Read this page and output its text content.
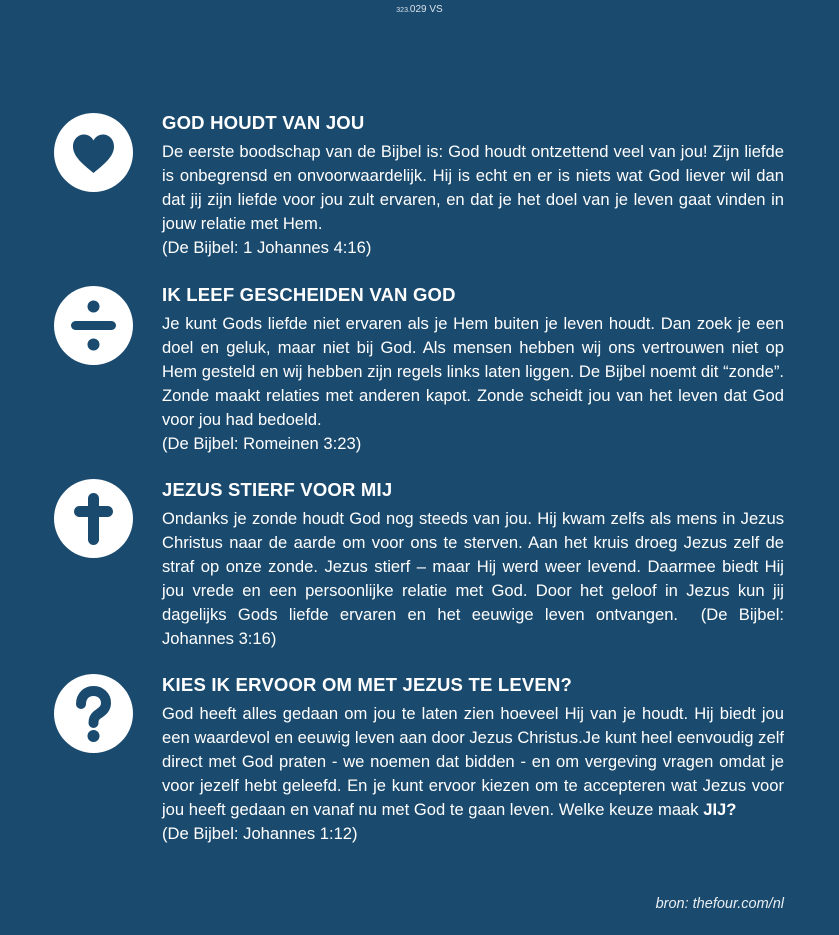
323.029 VS
GOD HOUDT VAN JOU
De eerste boodschap van de Bijbel is: God houdt ontzettend veel van jou! Zijn liefde is onbegrensd en onvoorwaardelijk. Hij is echt en er is niets wat God liever wil dan dat jij zijn liefde voor jou zult ervaren, en dat je het doel van je leven gaat vinden in jouw relatie met Hem.
(De Bijbel: 1 Johannes 4:16)
IK LEEF GESCHEIDEN VAN GOD
Je kunt Gods liefde niet ervaren als je Hem buiten je leven houdt. Dan zoek je een doel en geluk, maar niet bij God. Als mensen hebben wij ons vertrouwen niet op Hem gesteld en wij hebben zijn regels links laten liggen. De Bijbel noemt dit “zonde”. Zonde maakt relaties met anderen kapot. Zonde scheidt jou van het leven dat God voor jou had bedoeld.
(De Bijbel: Romeinen 3:23)
JEZUS STIERF VOOR MIJ
Ondanks je zonde houdt God nog steeds van jou. Hij kwam zelfs als mens in Jezus Christus naar de aarde om voor ons te sterven. Aan het kruis droeg Jezus zelf de straf op onze zonde. Jezus stierf – maar Hij werd weer levend. Daarmee biedt Hij jou vrede en een persoonlijke relatie met God. Door het geloof in Jezus kun jij dagelijks Gods liefde ervaren en het eeuwige leven ontvangen.  (De Bijbel: Johannes 3:16)
KIES IK ERVOOR OM MET JEZUS TE LEVEN?
God heeft alles gedaan om jou te laten zien hoeveel Hij van je houdt. Hij biedt jou een waardevol en eeuwig leven aan door Jezus Christus.Je kunt heel eenvoudig zelf direct met God praten - we noemen dat bidden - en om vergeving vragen omdat je voor jezelf hebt geleefd. En je kunt ervoor kiezen om te accepteren wat Jezus voor jou heeft gedaan en vanaf nu met God te gaan leven. Welke keuze maak JIJ?
(De Bijbel: Johannes 1:12)
bron: thefour.com/nl
